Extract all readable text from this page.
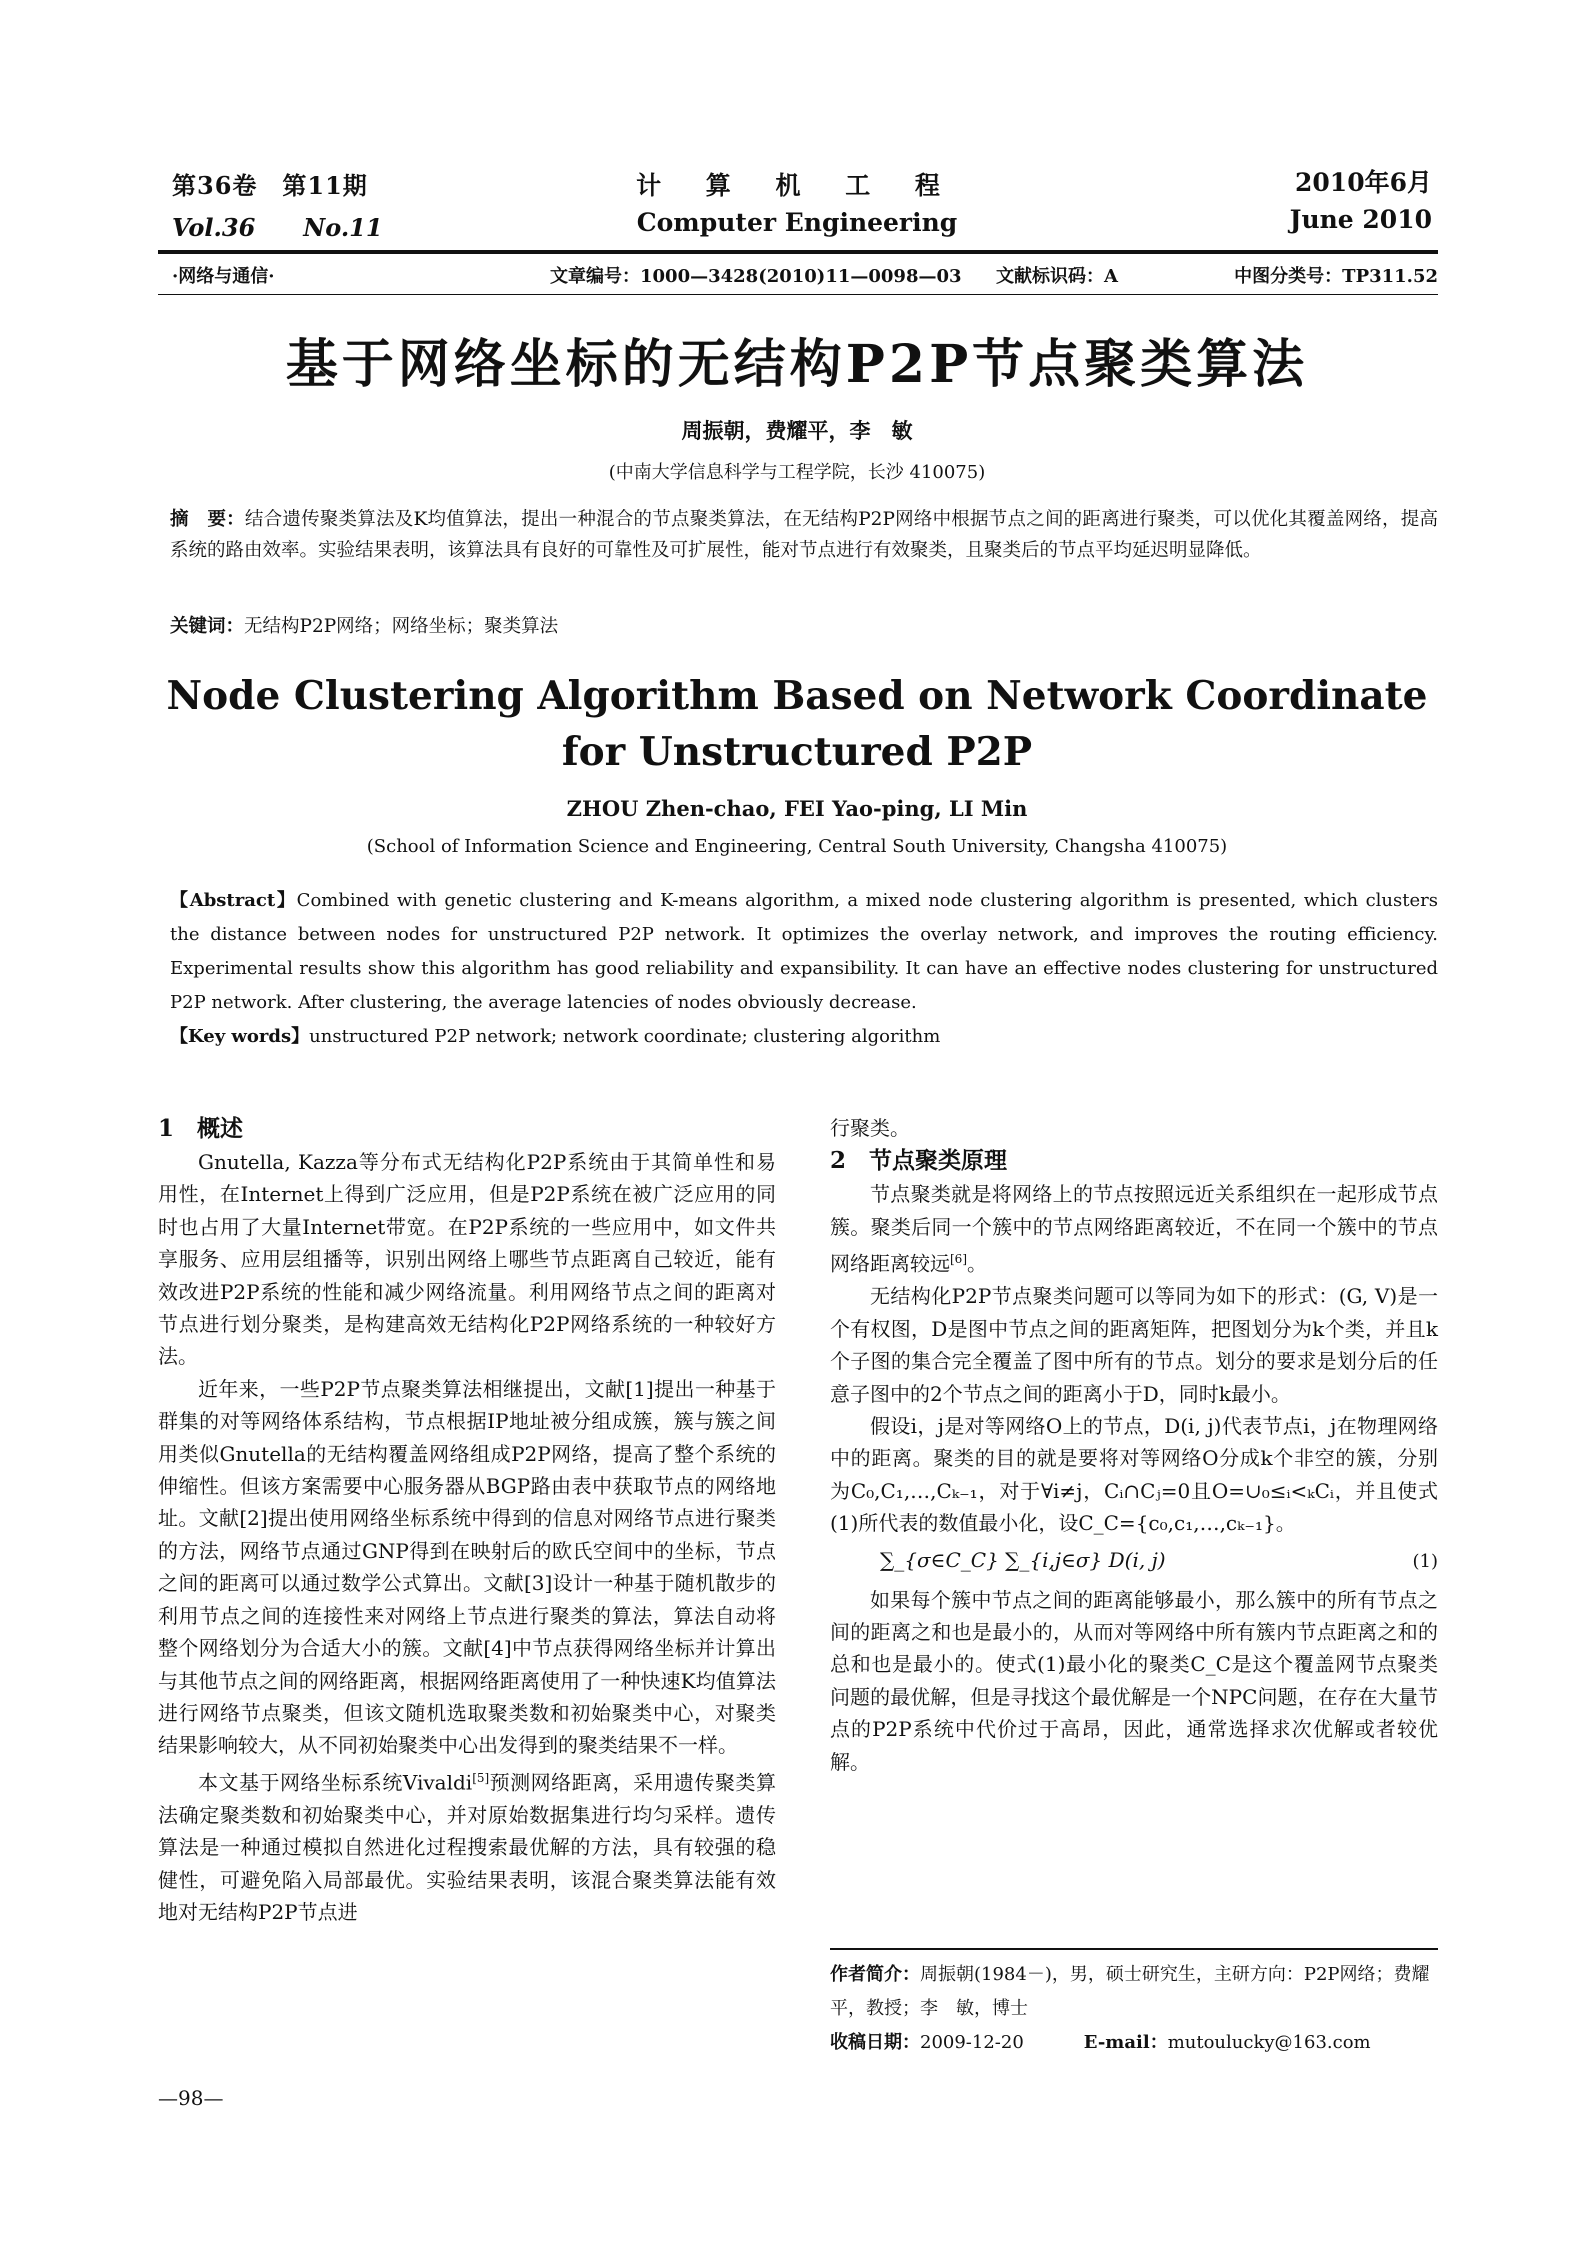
第36卷　第11期
Vol.36　　No.11
计 算 机 工 程
Computer Engineering
2010年6月
June 2010
·网络与通信·	文章编号：1000—3428(2010)11—0098—03 文献标识码：A	中图分类号：TP311.52
基于网络坐标的无结构P2P节点聚类算法
周振朝，费耀平，李　敏
(中南大学信息科学与工程学院，长沙 410075)
摘　要：结合遗传聚类算法及K均值算法，提出一种混合的节点聚类算法，在无结构P2P网络中根据节点之间的距离进行聚类，可以优化其覆盖网络，提高系统的路由效率。实验结果表明，该算法具有良好的可靠性及可扩展性，能对节点进行有效聚类，且聚类后的节点平均延迟明显降低。
关键词：无结构P2P网络；网络坐标；聚类算法
Node Clustering Algorithm Based on Network Coordinate
for Unstructured P2P
ZHOU Zhen-chao, FEI Yao-ping, LI Min
(School of Information Science and Engineering, Central South University, Changsha 410075)
【Abstract】Combined with genetic clustering and K-means algorithm, a mixed node clustering algorithm is presented, which clusters the distance between nodes for unstructured P2P network. It optimizes the overlay network, and improves the routing efficiency. Experimental results show this algorithm has good reliability and expansibility. It can have an effective nodes clustering for unstructured P2P network. After clustering, the average latencies of nodes obviously decrease.
【Key words】unstructured P2P network; network coordinate; clustering algorithm
1　概述

Gnutella, Kazza等分布式无结构化P2P系统由于其简单性和易用性，在Internet上得到广泛应用，但是P2P系统在被广泛应用的同时也占用了大量Internet带宽。在P2P系统的一些应用中，如文件共享服务、应用层组播等，识别出网络上哪些节点距离自己较近，能有效改进P2P系统的性能和减少网络流量。利用网络节点之间的距离对节点进行划分聚类，是构建高效无结构化P2P网络系统的一种较好方法。

近年来，一些P2P节点聚类算法相继提出，文献[1]提出一种基于群集的对等网络体系结构，节点根据IP地址被分组成簇，簇与簇之间用类似Gnutella的无结构覆盖网络组成P2P网络，提高了整个系统的伸缩性。但该方案需要中心服务器从BGP路由表中获取节点的网络地址。文献[2]提出使用网络坐标系统中得到的信息对网络节点进行聚类的方法，网络节点通过GNP得到在映射后的欧氏空间中的坐标，节点之间的距离可以通过数学公式算出。文献[3]设计一种基于随机散步的利用节点之间的连接性来对网络上节点进行聚类的算法，算法自动将整个网络划分为合适大小的簇。文献[4]中节点获得网络坐标并计算出与其他节点之间的网络距离，根据网络距离使用了一种快速K均值算法进行网络节点聚类，但该文随机选取聚类数和初始聚类中心，对聚类结果影响较大，从不同初始聚类中心出发得到的聚类结果不一样。

本文基于网络坐标系统Vivaldi[5]预测网络距离，采用遗传聚类算法确定聚类数和初始聚类中心，并对原始数据集进行均匀采样。遗传算法是一种通过模拟自然进化过程搜索最优解的方法，具有较强的稳健性，可避免陷入局部最优。实验结果表明，该混合聚类算法能有效地对无结构P2P节点进

行聚类。

2　节点聚类原理

节点聚类就是将网络上的节点按照远近关系组织在一起形成节点簇。聚类后同一个簇中的节点网络距离较近，不在同一个簇中的节点网络距离较远[6]。

无结构化P2P节点聚类问题可以等同为如下的形式：(G, V)是一个有权图，D是图中节点之间的距离矩阵，把图划分为k个类，并且k个子图的集合完全覆盖了图中所有的节点。划分的要求是划分后的任意子图中的2个节点之间的距离小于D，同时k最小。

假设i，j是对等网络O上的节点，D(i, j)代表节点i，j在物理网络中的距离。聚类的目的就是要将对等网络O分成k个非空的簇，分别为C₀,C₁,…,Cₖ₋₁，对于∀i≠j，Cᵢ∩Cⱼ=0且O=∪₀≤ᵢ<ₖCᵢ，并且使式(1)所代表的数值最小化，设C_C={c₀,c₁,…,cₖ₋₁}。

∑_{σ∈C_C} ∑_{i,j∈σ} D(i, j)	(1)

如果每个簇中节点之间的距离能够最小，那么簇中的所有节点之间的距离之和也是最小的，从而对等网络中所有簇内节点距离之和的总和也是最小的。使式(1)最小化的聚类C_C是这个覆盖网节点聚类问题的最优解，但是寻找这个最优解是一个NPC问题，在存在大量节点的P2P系统中代价过于高昂，因此，通常选择求次优解或者较优解。

作者简介：周振朝(1984－)，男，硕士研究生，主研方向：P2P网络；费耀平，教授；李　敏，博士
收稿日期：2009-12-20	E-mail：mutoulucky@163.com
—98—
